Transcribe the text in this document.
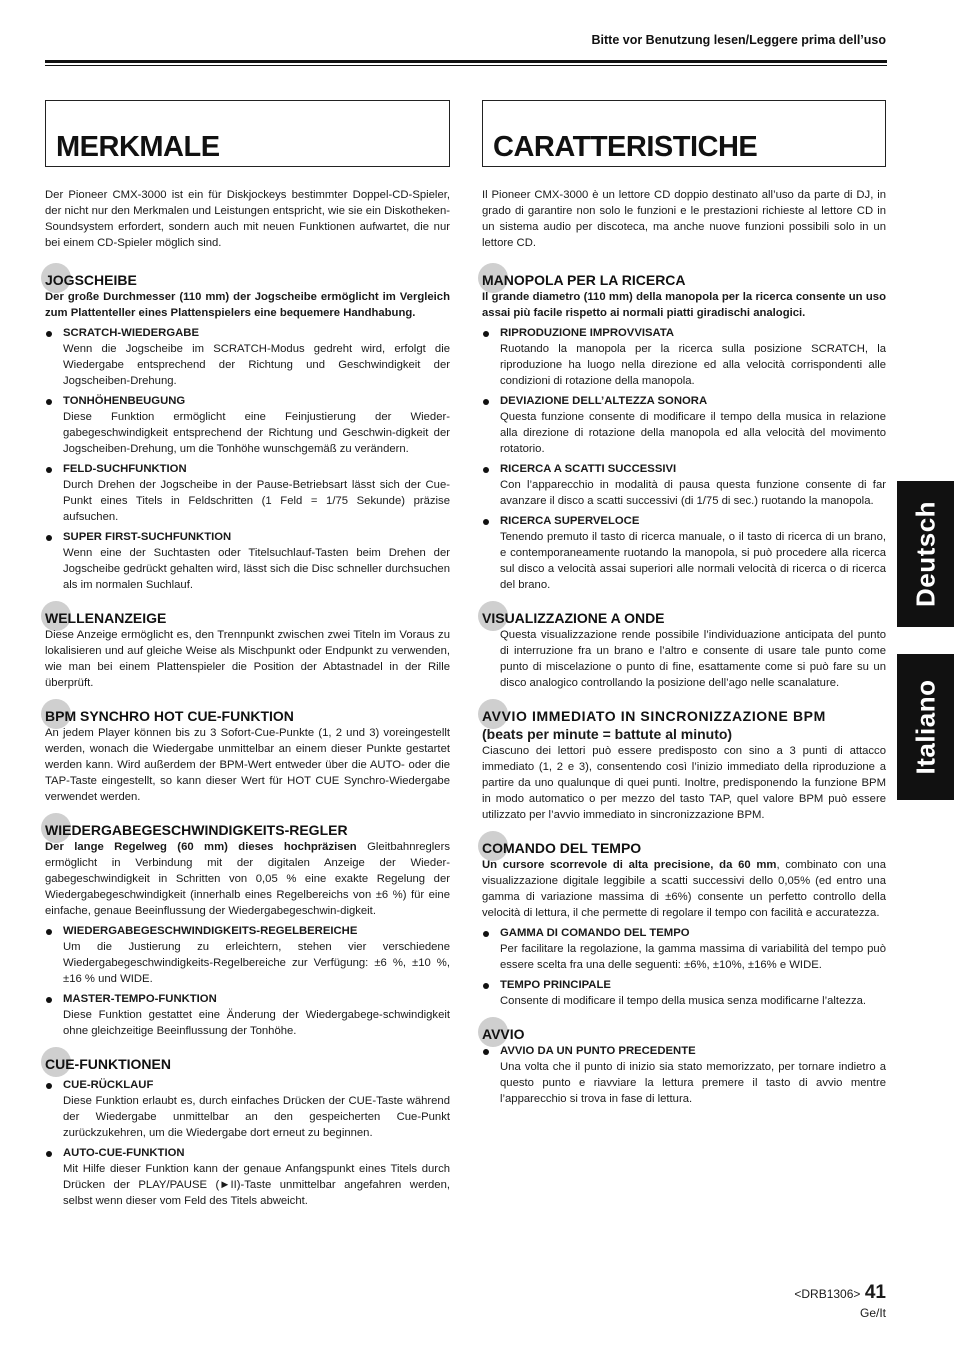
Bitte vor Benutzung lesen/Leggere prima dell’uso
MERKMALE

Der Pioneer CMX-3000 ist ein für Diskjockeys bestimmter Doppel-CD-Spieler, der nicht nur den Merkmalen und Leistungen entspricht, wie sie ein Diskotheken-Soundsystem erfordert, sondern auch mit neuen Funktionen aufwartet, die nur bei einem CD-Spieler möglich sind.

JOGSCHEIBE

Der große Durchmesser (110 mm) der Jogscheibe ermöglicht im Vergleich zum Plattenteller eines Plattenspielers eine bequemere Handhabung.

SCRATCH-WIEDERGABE

Wenn die Jogscheibe im SCRATCH-Modus gedreht wird, erfolgt die Wiedergabe entsprechend der Richtung und Geschwindigkeit der Jogscheiben-Drehung.

TONHÖHENBEUGUNG

Diese Funktion ermöglicht eine Feinjustierung der Wieder-gabegeschwindigkeit entsprechend der Richtung und Geschwin-digkeit der Jogscheiben-Drehung, um die Tonhöhe wunschgemäß zu verändern.

FELD-SUCHFUNKTION

Durch Drehen der Jogscheibe in der Pause-Betriebsart lässt sich der Cue-Punkt eines Titels in Feldschritten (1 Feld = 1/75 Sekunde) präzise aufsuchen.

SUPER FIRST-SUCHFUNKTION

Wenn eine der Suchtasten oder Titelsuchlauf-Tasten beim Drehen der Jogscheibe gedrückt gehalten wird, lässt sich die Disc schneller durchsuchen als im normalen Suchlauf.

WELLENANZEIGE

Diese Anzeige ermöglicht es, den Trennpunkt zwischen zwei Titeln im Voraus zu lokalisieren und auf gleiche Weise als Mischpunkt oder Endpunkt zu verwenden, wie man bei einem Plattenspieler die Position der Abtastnadel in der Rille überprüft.

BPM SYNCHRO HOT CUE-FUNKTION

An jedem Player können bis zu 3 Sofort-Cue-Punkte (1, 2 und 3) voreingestellt werden, wonach die Wiedergabe unmittelbar an einem dieser Punkte gestartet werden kann. Wird außerdem der BPM-Wert entweder über die AUTO- oder die TAP-Taste eingestellt, so kann dieser Wert für HOT CUE Synchro-Wiedergabe verwendet werden.

WIEDERGABEGESCHWINDIGKEITS-REGLER

Der lange Regelweg (60 mm) dieses hochpräzisen Gleitbahnreglers ermöglicht in Verbindung mit der digitalen Anzeige der Wieder-gabegeschwindigkeit in Schritten von 0,05 % eine exakte Regelung der Wiedergabegeschwindigkeit (innerhalb eines Regelbereichs von ±6 %) für eine einfache, genaue Beeinflussung der Wiedergabegeschwin-digkeit.

WIEDERGABEGESCHWINDIGKEITS-REGELBEREICHE

Um die Justierung zu erleichtern, stehen vier verschiedene Wiedergabegeschwindigkeits-Regelbereiche zur Verfügung: ±6 %, ±10 %, ±16 % und WIDE.

MASTER-TEMPO-FUNKTION

Diese Funktion gestattet eine Änderung der Wiedergabege-schwindigkeit ohne gleichzeitige Beeinflussung der Tonhöhe.

CUE-FUNKTIONEN
CUE-RÜCKLAUF

Diese Funktion erlaubt es, durch einfaches Drücken der CUE-Taste während der Wiedergabe unmittelbar an den gespeicherten Cue-Punkt zurückzukehren, um die Wiedergabe dort erneut zu beginnen.

AUTO-CUE-FUNKTION

Mit Hilfe dieser Funktion kann der genaue Anfangspunkt eines Titels durch Drücken der PLAY/PAUSE (►II)-Taste unmittelbar angefahren werden, selbst wenn dieser vom Feld des Titels abweicht.

CARATTERISTICHE

Il Pioneer CMX-3000 è un lettore CD doppio destinato all’uso da parte di DJ, in grado di garantire non solo le funzioni e le prestazioni richieste al lettore CD in un sistema audio per discoteca, ma anche nuove funzioni possibili solo in un lettore CD.

MANOPOLA PER LA RICERCA

Il grande diametro (110 mm) della manopola per la ricerca consente un uso assai più facile rispetto ai normali piatti giradischi analogici.

RIPRODUZIONE IMPROVVISATA

Ruotando la manopola per la ricerca sulla posizione SCRATCH, la riproduzione ha luogo nella direzione ed alla velocità corrispondenti alle condizioni di rotazione della manopola.

DEVIAZIONE DELL’ALTEZZA SONORA

Questa funzione consente di modificare il tempo della musica in relazione alla direzione di rotazione della manopola ed alla velocità del movimento rotatorio.

RICERCA A SCATTI SUCCESSIVI

Con l’apparecchio in modalità di pausa questa funzione consente di far avanzare il disco a scatti successivi (di 1/75 di sec.) ruotando la manopola.

RICERCA SUPERVELOCE

Tenendo premuto il tasto di ricerca manuale, o il tasto di ricerca di un brano, e contemporaneamente ruotando la manopola, si può procedere alla ricerca sul disco a velocità assai superiori alle normali velocità di ricerca o di ricerca del brano.

VISUALIZZAZIONE A ONDE

Questa visualizzazione rende possibile l’individuazione anticipata del punto di interruzione fra un brano e l’altro e consente di usare tale punto come punto di miscelazione o punto di fine, esattamente come si può fare su un disco analogico controllando la posizione dell’ago nelle scanalature.

AVVIO IMMEDIATO IN SINCRONIZZAZIONE BPM
(beats per minute = battute al minuto)

Ciascuno dei lettori può essere predisposto con sino a 3 punti di attacco immediato (1, 2 e 3), consentendo così l’inizio immediato della riproduzione a partire da uno qualunque di quei punti. Inoltre, predisponendo la funzione BPM in modo automatico o per mezzo del tasto TAP, quel valore BPM può essere utilizzato per l’avvio immediato in sincronizzazione BPM.

COMANDO DEL TEMPO

Un cursore scorrevole di alta precisione, da 60 mm, combinato con una visualizzazione digitale leggibile a scatti successivi dello 0,05% (ed entro una gamma di variazione massima di ±6%) consente un perfetto controllo della velocità di lettura, il che permette di regolare il tempo con facilità e accuratezza.

GAMMA DI COMANDO DEL TEMPO

Per facilitare la regolazione, la gamma massima di variabilità del tempo può essere scelta fra una delle seguenti: ±6%, ±10%, ±16% e WIDE.

TEMPO PRINCIPALE

Consente di modificare il tempo della musica senza modificarne l’altezza.

AVVIO
AVVIO DA UN PUNTO PRECEDENTE

Una volta che il punto di inizio sia stato memorizzato, per tornare indietro a questo punto e riavviare la lettura premere il tasto di avvio mentre l’apparecchio si trova in fase di lettura.

Deutsch
Italiano
<DRB1306> 41
Ge/It
